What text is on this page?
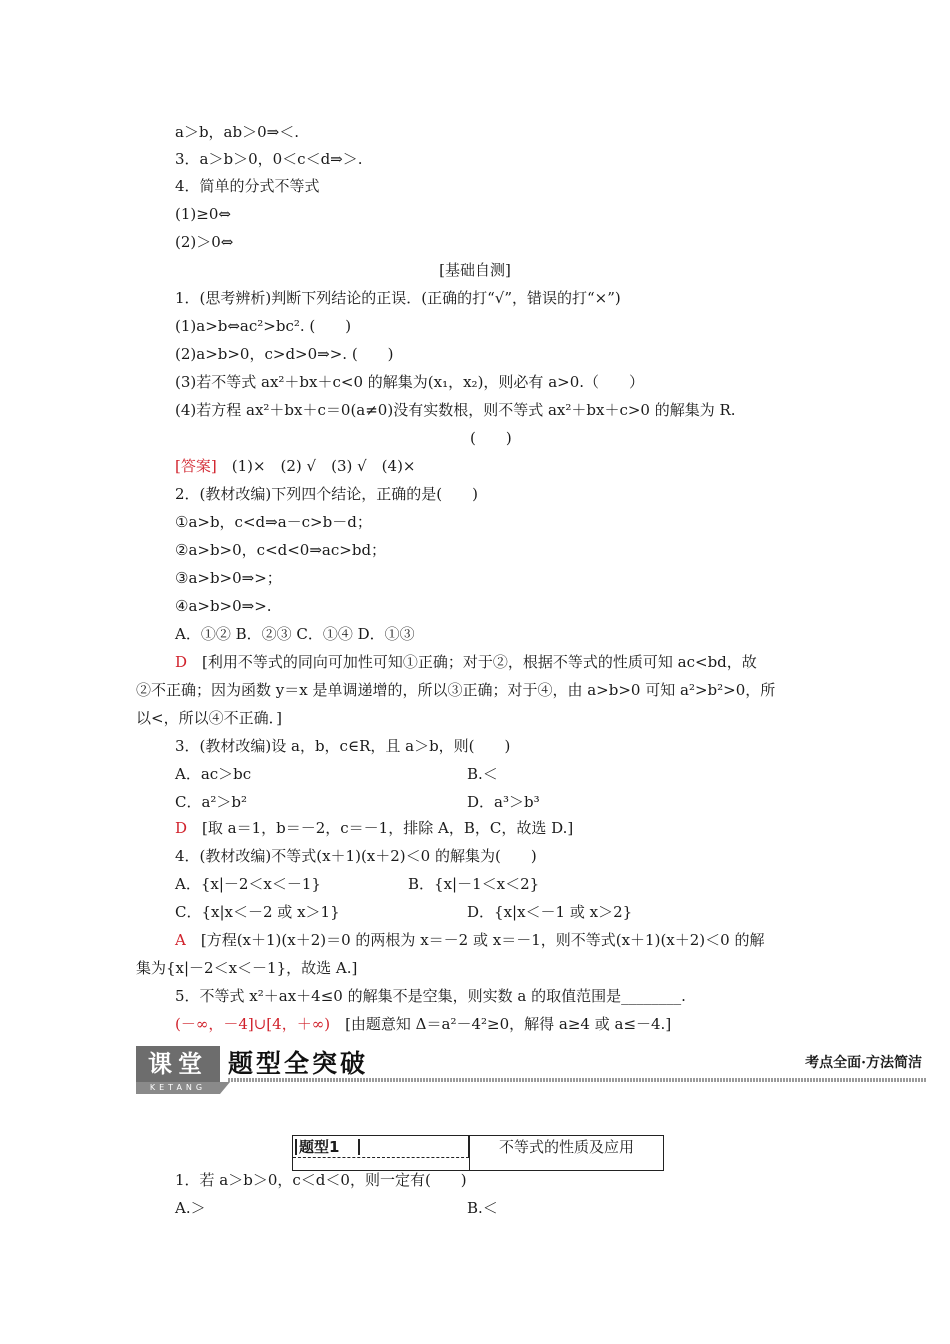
a＞b，ab＞0⇒＜.
3．a＞b＞0，0＜c＜d⇒＞.
4．简单的分式不等式
(1)≥0⇔
(2)＞0⇔
1．(思考辨析)判断下列结论的正误．(正确的打“√”，错误的打“×”)
(1)a>b⇔ac²>bc². (　　)
(2)a>b>0，c>d>0⇒>. (　　)
(3)若不等式 ax²＋bx＋c<0 的解集为(x₁，x₂)，则必有 a>0.（　　）
(4)若方程 ax²＋bx＋c＝0(a≠0)没有实数根，则不等式 ax²＋bx＋c>0 的解集为 R.
(　　)
2．(教材改编)下列四个结论，正确的是(　　)
①a>b，c<d⇒a－c>b－d；
②a>b>0，c<d<0⇒ac>bd；
③a>b>0⇒>；
④a>b>0⇒>.
A．①② B．②③ C．①④ D．①③
②不正确；因为函数 y＝x 是单调递增的，所以③正确；对于④，由 a>b>0 可知 a²>b²>0，所
以<，所以④不正确．]
3．(教材改编)设 a，b，c∈R，且 a＞b，则(　　)
A．ac＞bc	B.＜
C．a²＞b²	D．a³＞b³
4．(教材改编)不等式(x＋1)(x＋2)＜0 的解集为(　　)
A．{x|－2＜x＜－1}	B．{x|－1＜x＜2}
C．{x|x＜－2 或 x＞1}	D．{x|x＜－1 或 x＞2}
集为{x|－2＜x＜－1}，故选 A.]
5．不等式 x²＋ax＋4≤0 的解集不是空集，则实数 a 的取值范围是________.
1．若 a＞b＞0，c＜d＜0，则一定有(　　)
A.＞	B.＜
[答案]　(1)×　(2) √　(3) √　(4)×
D　[利用不等式的同向可加性可知①正确；对于②，根据不等式的性质可知 ac<bd，故
D　[取 a＝1，b＝－2，c＝－1，排除 A，B，C，故选 D.]
A　[方程(x＋1)(x＋2)＝0 的两根为 x＝－2 或 x＝－1，则不等式(x＋1)(x＋2)＜0 的解
(－∞，－4]∪[4，＋∞)　[由题意知 Δ＝a²－4²≥0，解得 a≥4 或 a≤－4.]
[基础自测]
课堂
KETANG
题型全突破	考点全面·方法简洁
题型1	不等式的性质及应用
